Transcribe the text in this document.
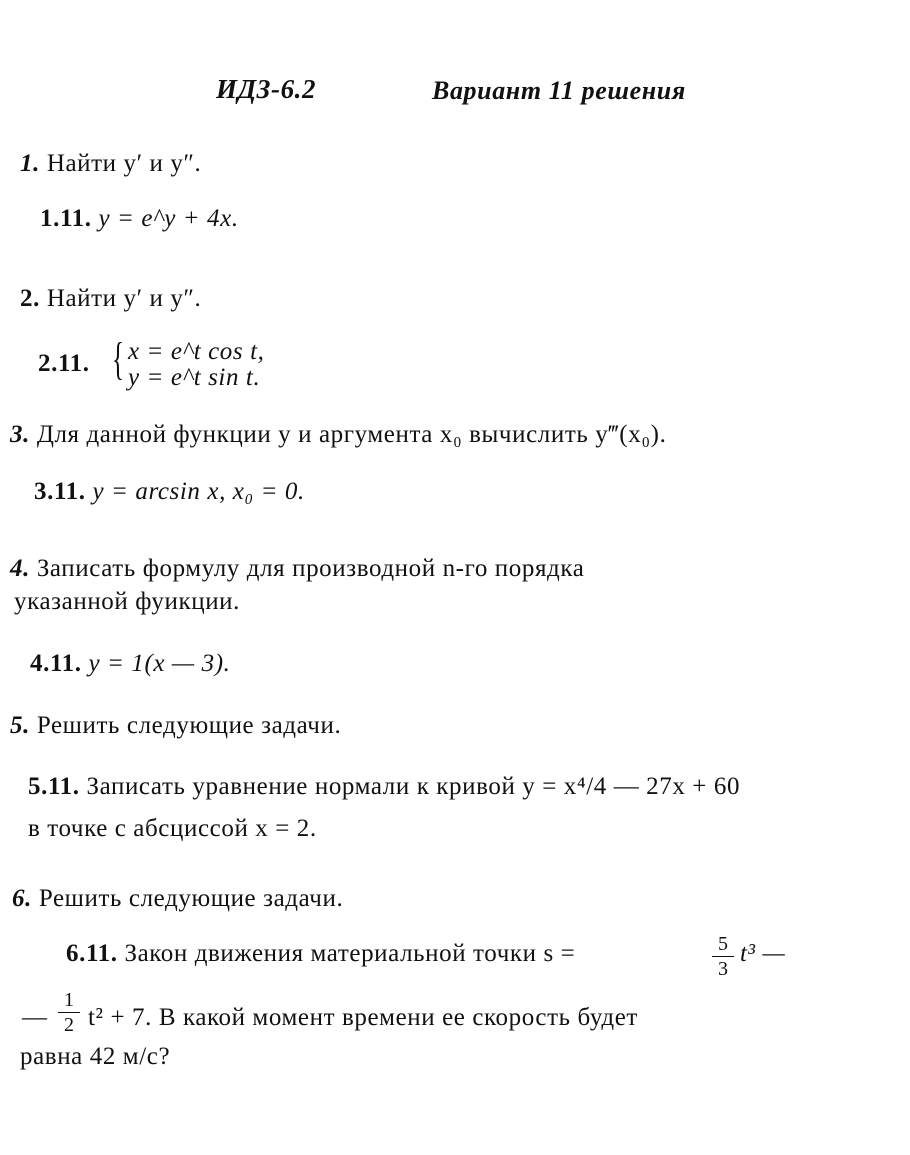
ИДЗ-6.2	Вариант 11 решения
1. Найти y′ и y″.
1.11. y = e^y + 4x.
2. Найти y′ и y″.
2.11. { x = e^t cos t,
y = e^t sin t.
3. Для данной функции y и аргумента x₀ вычислить y‴(x₀).
3.11. y = arcsin x, x₀ = 0.
4. Записать формулу для производной n-го порядка
указанной фуикции.
4.11. y = 1(x — 3).
5. Решить следующие задачи.
5.11. Записать уравнение нормали к кривой y = x⁴/4 — 27x + 60
в точке с абсциссой x = 2.
6. Решить следующие задачи.
6.11. Закон движения материальной точки s =	5
3
t³ —
—
1
2 t² + 7. В какой момент времени ее скорость будет
равна 42 м/с?
